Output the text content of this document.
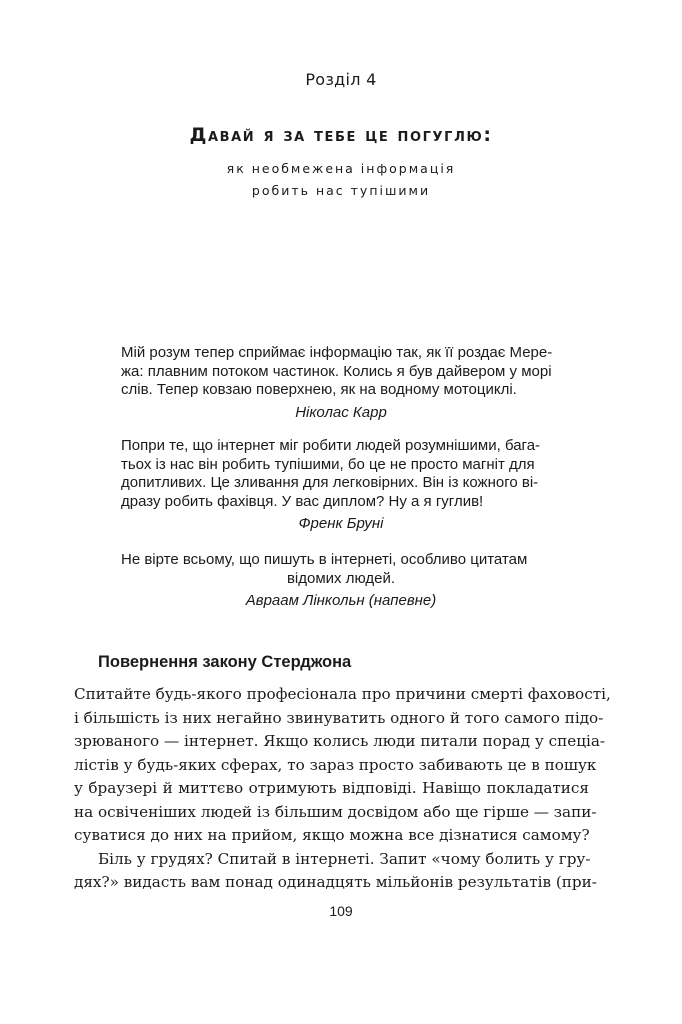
Розділ 4
Давай я за тебе це погуглю:
як необмежена інформація
робить нас тупішими

Мій розум тепер сприймає інформацію так, як її роздає Мере-
жа: плавним потоком частинок. Колись я був дайвером у морі
слів. Тепер ковзаю поверхнею, як на водному мотоциклі.

Ніколас Карр

Попри те, що інтернет міг робити людей розумнішими, бага-
тьох із нас він робить тупішими, бо це не просто магніт для
допитливих. Це зливання для легковірних. Він із кожного ві-
дразу робить фахівця. У вас диплом? Ну а я гуглив!

Френк Бруні

Не вірте всьому, що пишуть в інтернеті, особливо цитатам
відомих людей.

Авраам Лінкольн (напевне)

Повернення закону Стерджона
Спитайте будь-якого професіонала про причини смерті фаховості,
і більшість із них негайно звинуватить одного й того самого підо-
зрюваного — інтернет. Якщо колись люди питали порад у спеціа-
лістів у будь-яких сферах, то зараз просто забивають це в пошук
у браузері й миттєво отримують відповіді. Навіщо покладатися
на освіченіших людей із більшим досвідом або ще гірше — запи-
суватися до них на прийом, якщо можна все дізнатися самому?
Біль у грудях? Спитай в інтернеті. Запит «чому болить у гру-
дях?» видасть вам понад одинадцять мільйонів результатів (при-
109
